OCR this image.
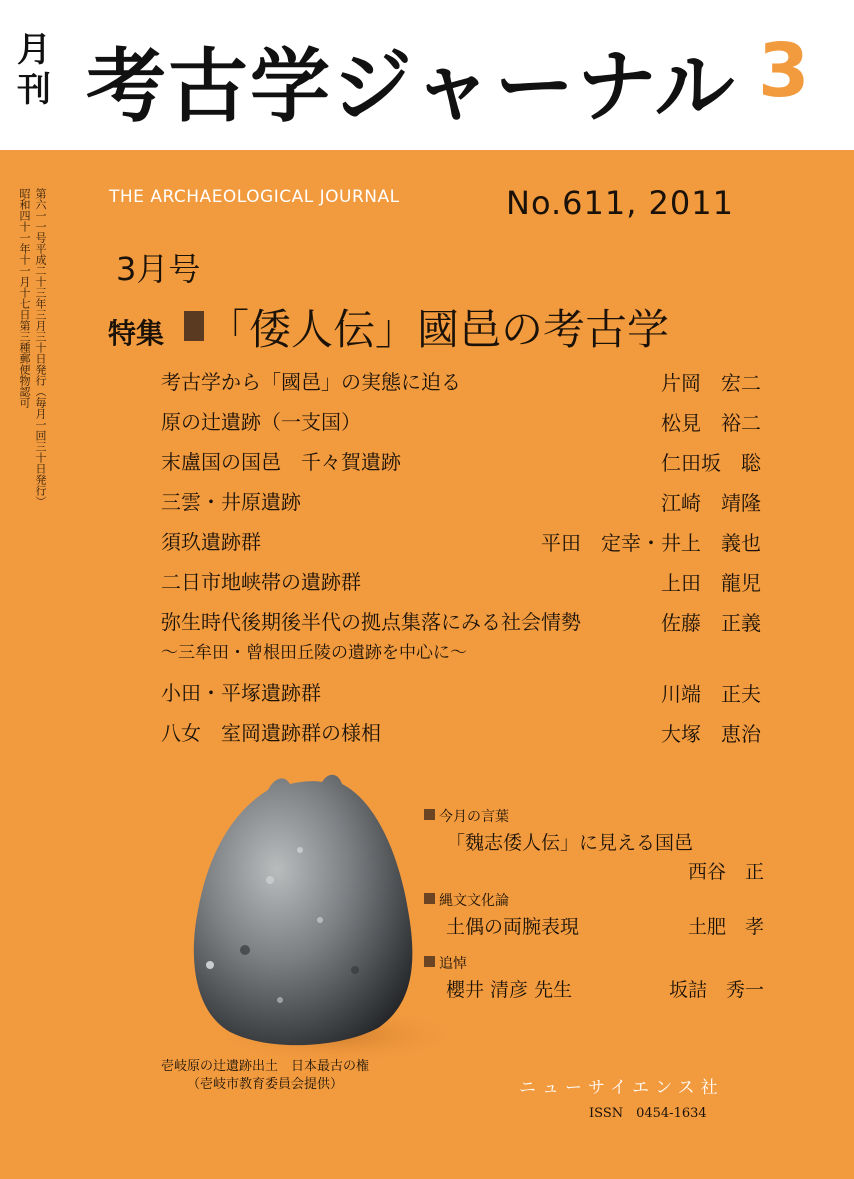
月刊 考古学ジャーナル 3
第六一一号平成二十三年三月三十日発行（毎月一回三十日発行）
昭和四十一年十一月十七日第三種郵便物認可	THE ARCHAEOLOGICAL JOURNAL	No.611, 2011
3月号
特集 「倭人伝」國邑の考古学
考古学から「國邑」の実態に迫る	片岡　宏二
原の辻遺跡（一支国）	松見　裕二
末盧国の国邑　千々賀遺跡	仁田坂　聡
三雲・井原遺跡	江崎　靖隆
須玖遺跡群	平田　定幸・井上　義也
二日市地峡帯の遺跡群	上田　龍児
弥生時代後期後半代の拠点集落にみる社会情勢	佐藤　正義
〜三牟田・曾根田丘陵の遺跡を中心に〜
小田・平塚遺跡群	川端　正夫
八女　室岡遺跡群の様相	大塚　恵治
壱岐原の辻遺跡出土　日本最古の権
（壱岐市教育委員会提供）
今月の言葉
「魏志倭人伝」に見える国邑
西谷　正
縄文文化論
土偶の両腕表現	土肥　孝
追悼
櫻井 清彦 先生	坂詰　秀一
ニューサイエンス社
ISSN　0454-1634
